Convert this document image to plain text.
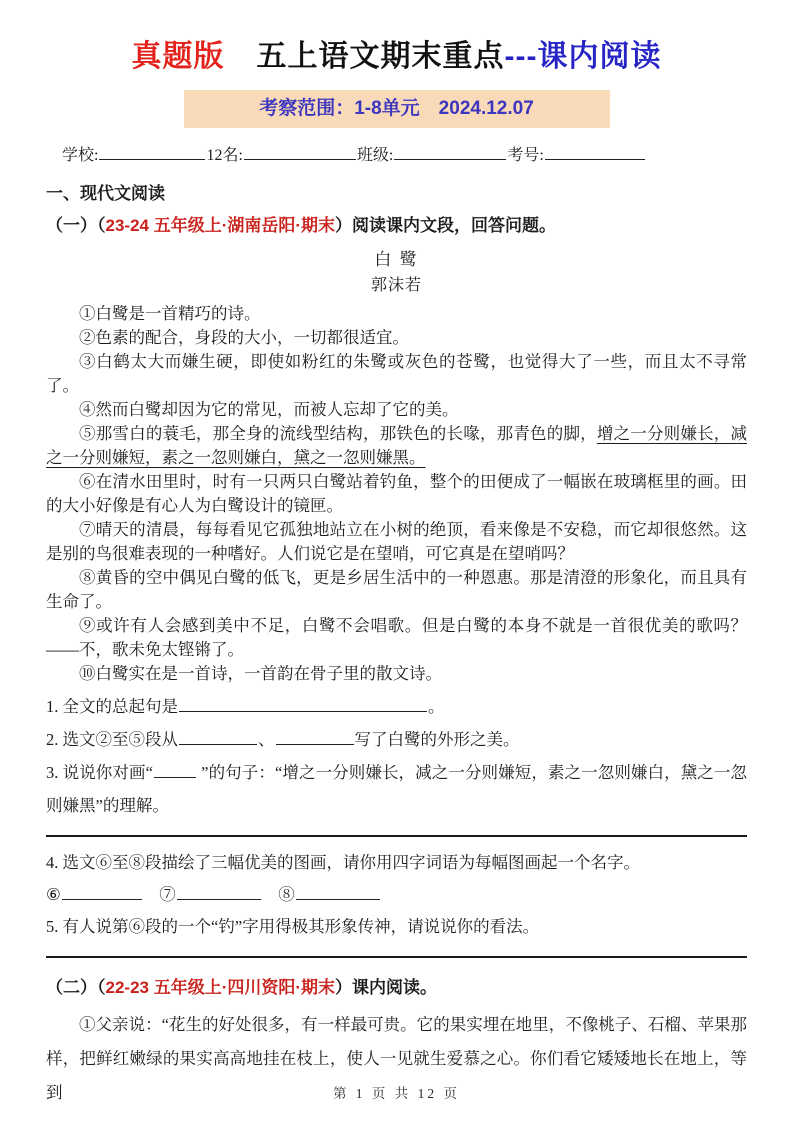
真题版 五上语文期末重点---课内阅读
考察范围：1-8单元　2024.12.07
学校:	12名:	班级:	考号:
一、现代文阅读
（一）（23-24 五年级上·湖南岳阳·期末）阅读课内文段，回答问题。
白 鹭
郭沫若

①白鹭是一首精巧的诗。

②色素的配合，身段的大小，一切都很适宜。

③白鹤太大而嫌生硬，即使如粉红的朱鹭或灰色的苍鹭，也觉得大了一些，而且太不寻常了。

④然而白鹭却因为它的常见，而被人忘却了它的美。

⑤那雪白的蓑毛，那全身的流线型结构，那铁色的长喙，那青色的脚，增之一分则嫌长，减之一分则嫌短，素之一忽则嫌白，黛之一忽则嫌黑。

⑥在清水田里时，时有一只两只白鹭站着钓鱼，整个的田便成了一幅嵌在玻璃框里的画。田的大小好像是有心人为白鹭设计的镜匣。

⑦晴天的清晨，每每看见它孤独地站立在小树的绝顶，看来像是不安稳，而它却很悠然。这是别的鸟很难表现的一种嗜好。人们说它是在望哨，可它真是在望哨吗？

⑧黄昏的空中偶见白鹭的低飞，更是乡居生活中的一种恩惠。那是清澄的形象化，而且具有生命了。

⑨或许有人会感到美中不足，白鹭不会唱歌。但是白鹭的本身不就是一首很优美的歌吗？——不，歌未免太铿锵了。

⑩白鹭实在是一首诗，一首韵在骨子里的散文诗。

1. 全文的总起句是	。

2. 选文②至⑤段从	、	写了白鹭的外形之美。

3. 说说你对画“	”的句子：“增之一分则嫌长，减之一分则嫌短，素之一忽则嫌白，黛之一忽则嫌黑”的理解。

4. 选文⑥至⑧段描绘了三幅优美的图画，请你用四字词语为每幅图画起一个名字。

⑥	　⑦	　⑧

5. 有人说第⑥段的一个“钓”字用得极其形象传神，请说说你的看法。

（二）（22-23 五年级上·四川资阳·期末）课内阅读。

①父亲说：“花生的好处很多，有一样最可贵。它的果实埋在地里，不像桃子、石榴、苹果那样，把鲜红嫩绿的果实高高地挂在枝上，使人一见就生爱慕之心。你们看它矮矮地长在地上，等到	第 1 页 共 12 页
